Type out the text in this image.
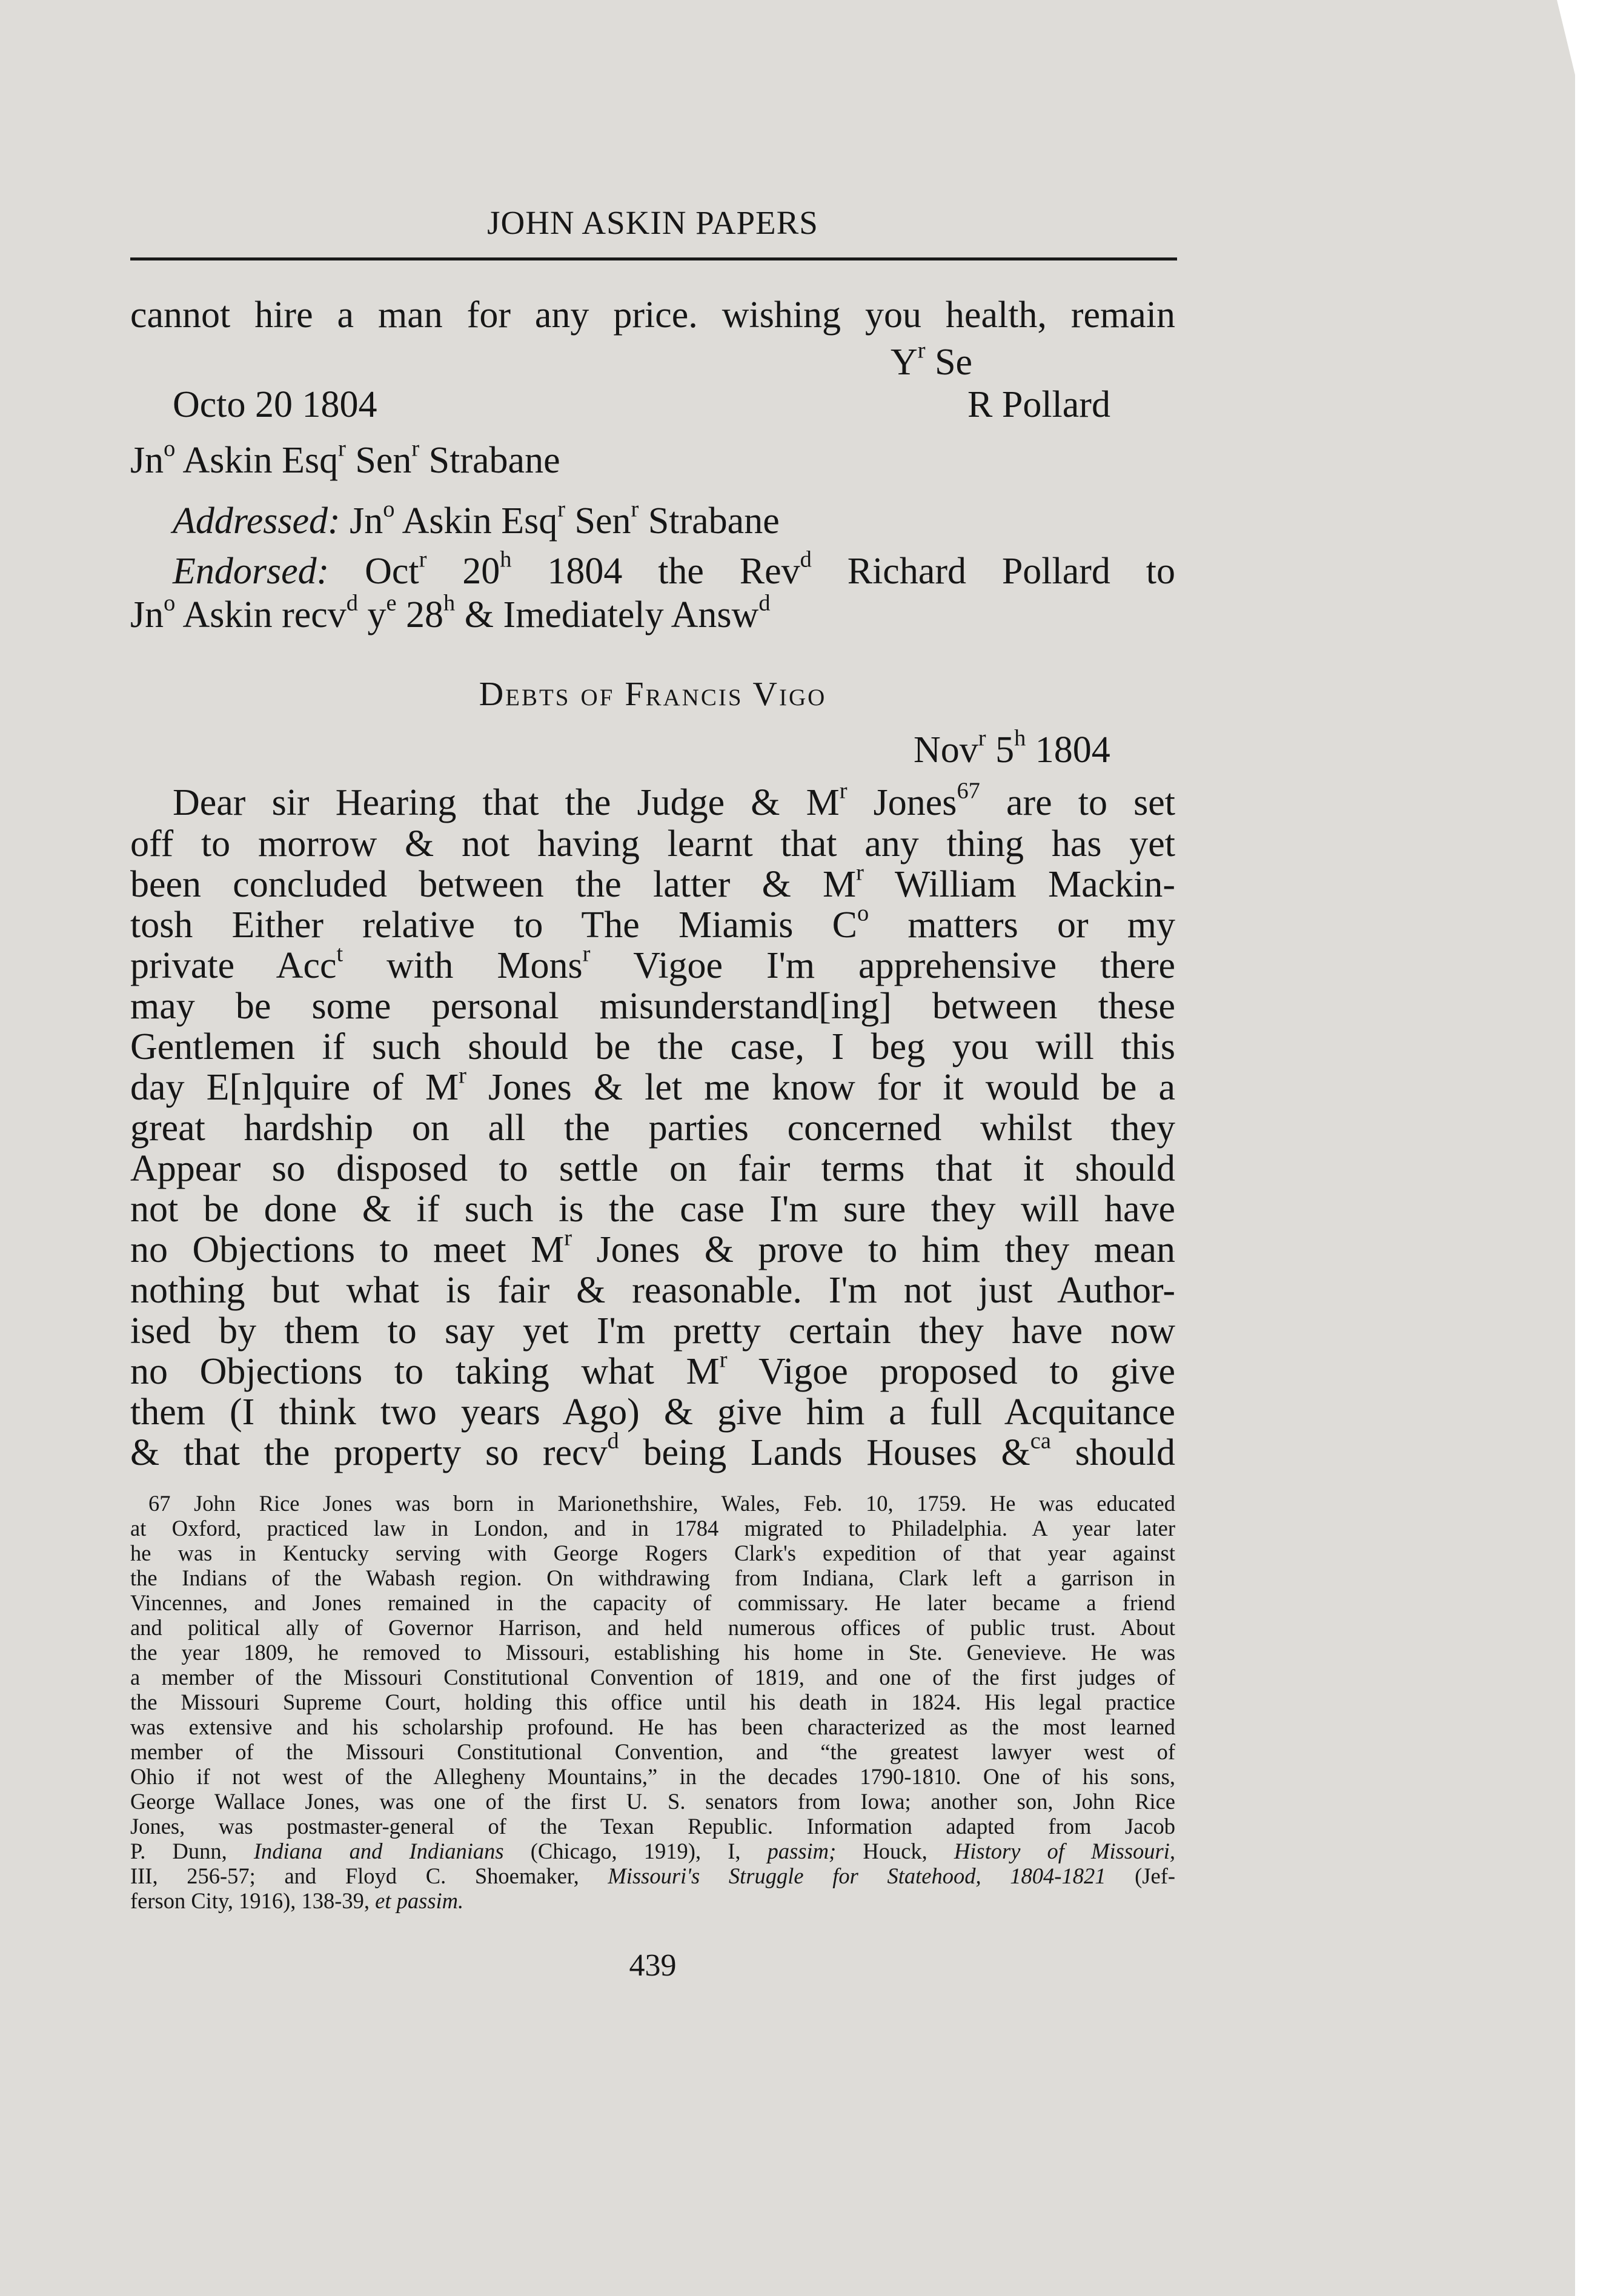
JOHN ASKIN PAPERS
cannot hire a man for any price. wishing you health, remain
$Y^r$ Se
Octo 20 1804	R Pollard
Jn$^o$ Askin Esq$^r$ Sen$^r$ Strabane
Addressed: Jn$^o$ Askin Esq$^r$ Sen$^r$ Strabane
Endorsed: Oct$^r$ 20$^h$ 1804 the Rev$^d$ Richard Pollard to
Jn$^o$ Askin recv$^d$ $y^e$ 28$^h$ & Imediately Answ$^d$
Debts of Francis Vigo
Nov$^r$ 5$^h$ 1804
Dear sir Hearing that the Judge & $M^r$ Jones$^{67}$ are to set
off to morrow & not having learnt that any thing has yet
been concluded between the latter & $M^r$ William Mackin-
tosh Either relative to The Miamis $C^o$ matters or my
private Acc$^t$ with Mons$^r$ Vigoe I'm apprehensive there
may be some personal misunderstand[ing] between these
Gentlemen if such should be the case, I beg you will this
day E[n]quire of $M^r$ Jones & let me know for it would be a
great hardship on all the parties concerned whilst they
Appear so disposed to settle on fair terms that it should
not be done & if such is the case I'm sure they will have
no Objections to meet $M^r$ Jones & prove to him they mean
nothing but what is fair & reasonable. I'm not just Author-
ised by them to say yet I'm pretty certain they have now
no Objections to taking what $M^r$ Vigoe proposed to give
them (I think two years Ago) & give him a full Acquitance
& that the property so recv$^d$ being Lands Houses &$^{ca}$ should
67 John Rice Jones was born in Marionethshire, Wales, Feb. 10, 1759. He was educated
at Oxford, practiced law in London, and in 1784 migrated to Philadelphia. A year later
he was in Kentucky serving with George Rogers Clark's expedition of that year against
the Indians of the Wabash region. On withdrawing from Indiana, Clark left a garrison in
Vincennes, and Jones remained in the capacity of commissary. He later became a friend
and political ally of Governor Harrison, and held numerous offices of public trust. About
the year 1809, he removed to Missouri, establishing his home in Ste. Genevieve. He was
a member of the Missouri Constitutional Convention of 1819, and one of the first judges of
the Missouri Supreme Court, holding this office until his death in 1824. His legal practice
was extensive and his scholarship profound. He has been characterized as the most learned
member of the Missouri Constitutional Convention, and “the greatest lawyer west of
Ohio if not west of the Allegheny Mountains,” in the decades 1790-1810. One of his sons,
George Wallace Jones, was one of the first U. S. senators from Iowa; another son, John Rice
Jones, was postmaster-general of the Texan Republic. Information adapted from Jacob
P. Dunn, Indiana and Indianians (Chicago, 1919), I, passim; Houck, History of Missouri,
III, 256-57; and Floyd C. Shoemaker, Missouri's Struggle for Statehood, 1804-1821 (Jef-
ferson City, 1916), 138-39, et passim.
439
